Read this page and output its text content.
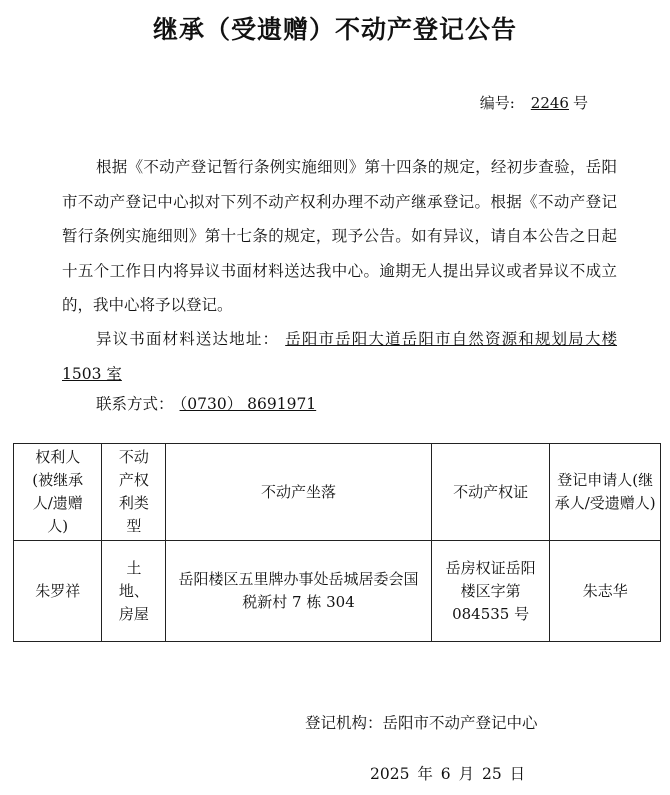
继承（受遗赠）不动产登记公告
编号: 2246 号
根据《不动产登记暂行条例实施细则》第十四条的规定，经初步查验，岳阳市不动产登记中心拟对下列不动产权利办理不动产继承登记。根据《不动产登记暂行条例实施细则》第十七条的规定，现予公告。如有异议，请自本公告之日起十五个工作日内将异议书面材料送达我中心。逾期无人提出异议或者异议不成立的，我中心将予以登记。
异议书面材料送达地址： 岳阳市岳阳大道岳阳市自然资源和规划局大楼 1503 室
联系方式： （0730） 8691971
权利人(被继承人/遗赠人)	不动产权利类型	不动产坐落	不动产权证	登记申请人(继承人/受遗赠人)

朱罗祥	土地、房屋	岳阳楼区五里牌办事处岳城居委会国税新村 7 栋 304	岳房权证岳阳楼区字第 084535 号	朱志华
登记机构：岳阳市不动产登记中心
2025 年 6 月 25 日
